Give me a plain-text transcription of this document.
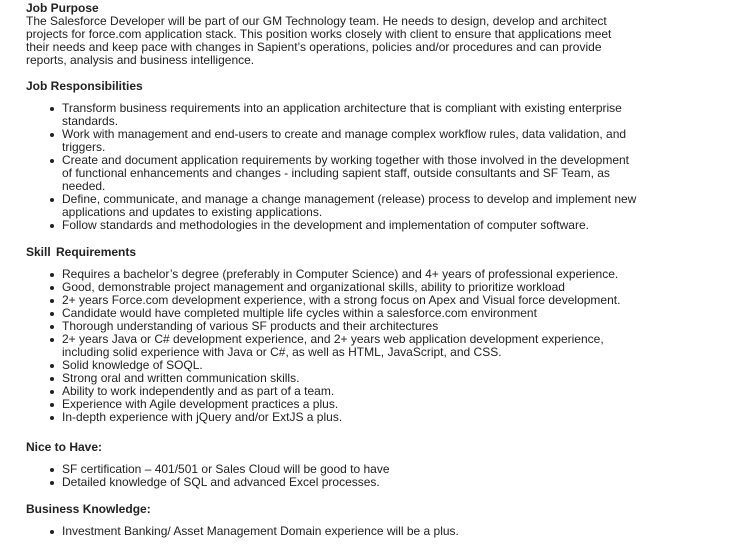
Job Purpose

The Salesforce Developer will be part of our GM Technology team. He needs to design, develop and architect projects for force.com application stack. This position works closely with client to ensure that applications meet their needs and keep pace with changes in Sapient’s operations, policies and/or procedures and can provide reports, analysis and business intelligence.

Job Responsibilities
Transform business requirements into an application architecture that is compliant with existing enterprise standards.
Work with management and end-users to create and manage complex workflow rules, data validation, and triggers.
Create and document application requirements by working together with those involved in the development of functional enhancements and changes - including sapient staff, outside consultants and SF Team, as needed.
Define, communicate, and manage a change management (release) process to develop and implement new applications and updates to existing applications.
Follow standards and methodologies in the development and implementation of computer software.
Skill Requirements
Requires a bachelor’s degree (preferably in Computer Science) and 4+ years of professional experience.
Good, demonstrable project management and organizational skills, ability to prioritize workload
2+ years Force.com development experience, with a strong focus on Apex and Visual force development.
Candidate would have completed multiple life cycles within a salesforce.com environment
Thorough understanding of various SF products and their architectures
2+ years Java or C# development experience, and 2+ years web application development experience, including solid experience with Java or C#, as well as HTML, JavaScript, and CSS.
Solid knowledge of SOQL.
Strong oral and written communication skills.
Ability to work independently and as part of a team.
Experience with Agile development practices a plus.
In-depth experience with jQuery and/or ExtJS a plus.
Nice to Have:
SF certification – 401/501 or Sales Cloud will be good to have
Detailed knowledge of SQL and advanced Excel processes.
Business Knowledge:
Investment Banking/ Asset Management Domain experience will be a plus.
